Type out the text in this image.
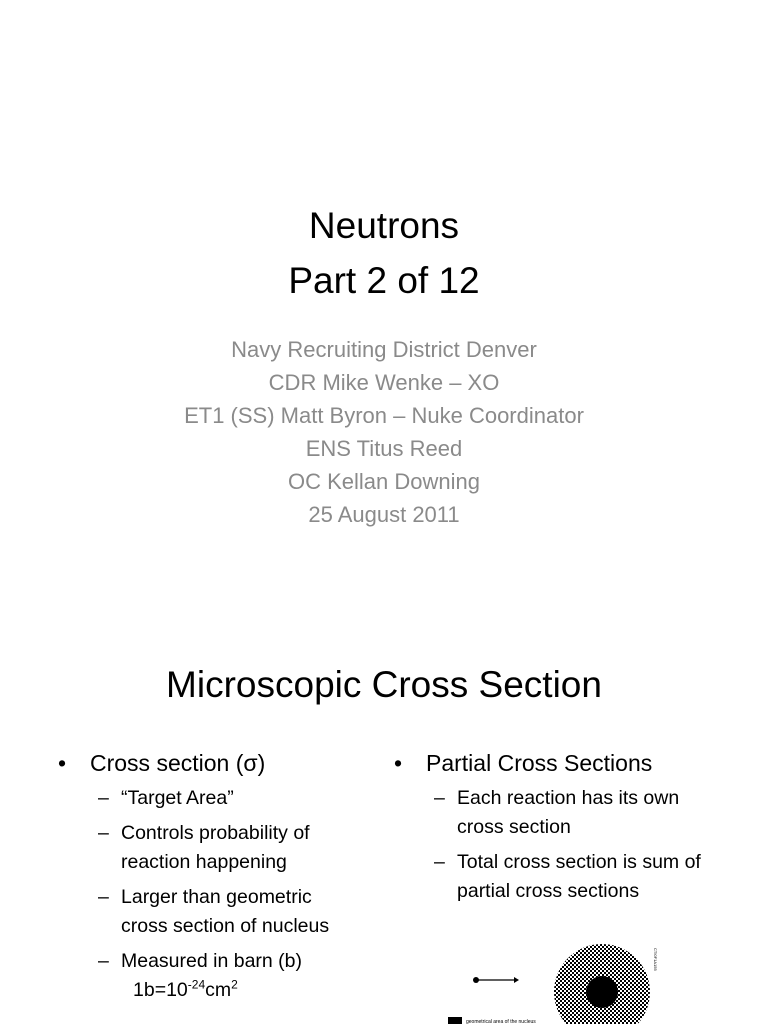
Neutrons
Part 2 of 12
Navy Recruiting District Denver
CDR Mike Wenke – XO
ET1 (SS) Matt Byron – Nuke Coordinator
ENS Titus Reed
OC Kellan Downing
25 August 2011
Microscopic Cross Section
•	Cross section (σ)
– “Target Area”
– Controls probability of reaction happening
– Larger than geometric cross section of nucleus
– Measured in barn (b)
$1b=10^{-24}cm^2$
•	Partial Cross Sections
– Each reaction has its own cross section
– Total cross section is sum of partial cross sections
geometrical area of the nucleus
CTI0F1A155
